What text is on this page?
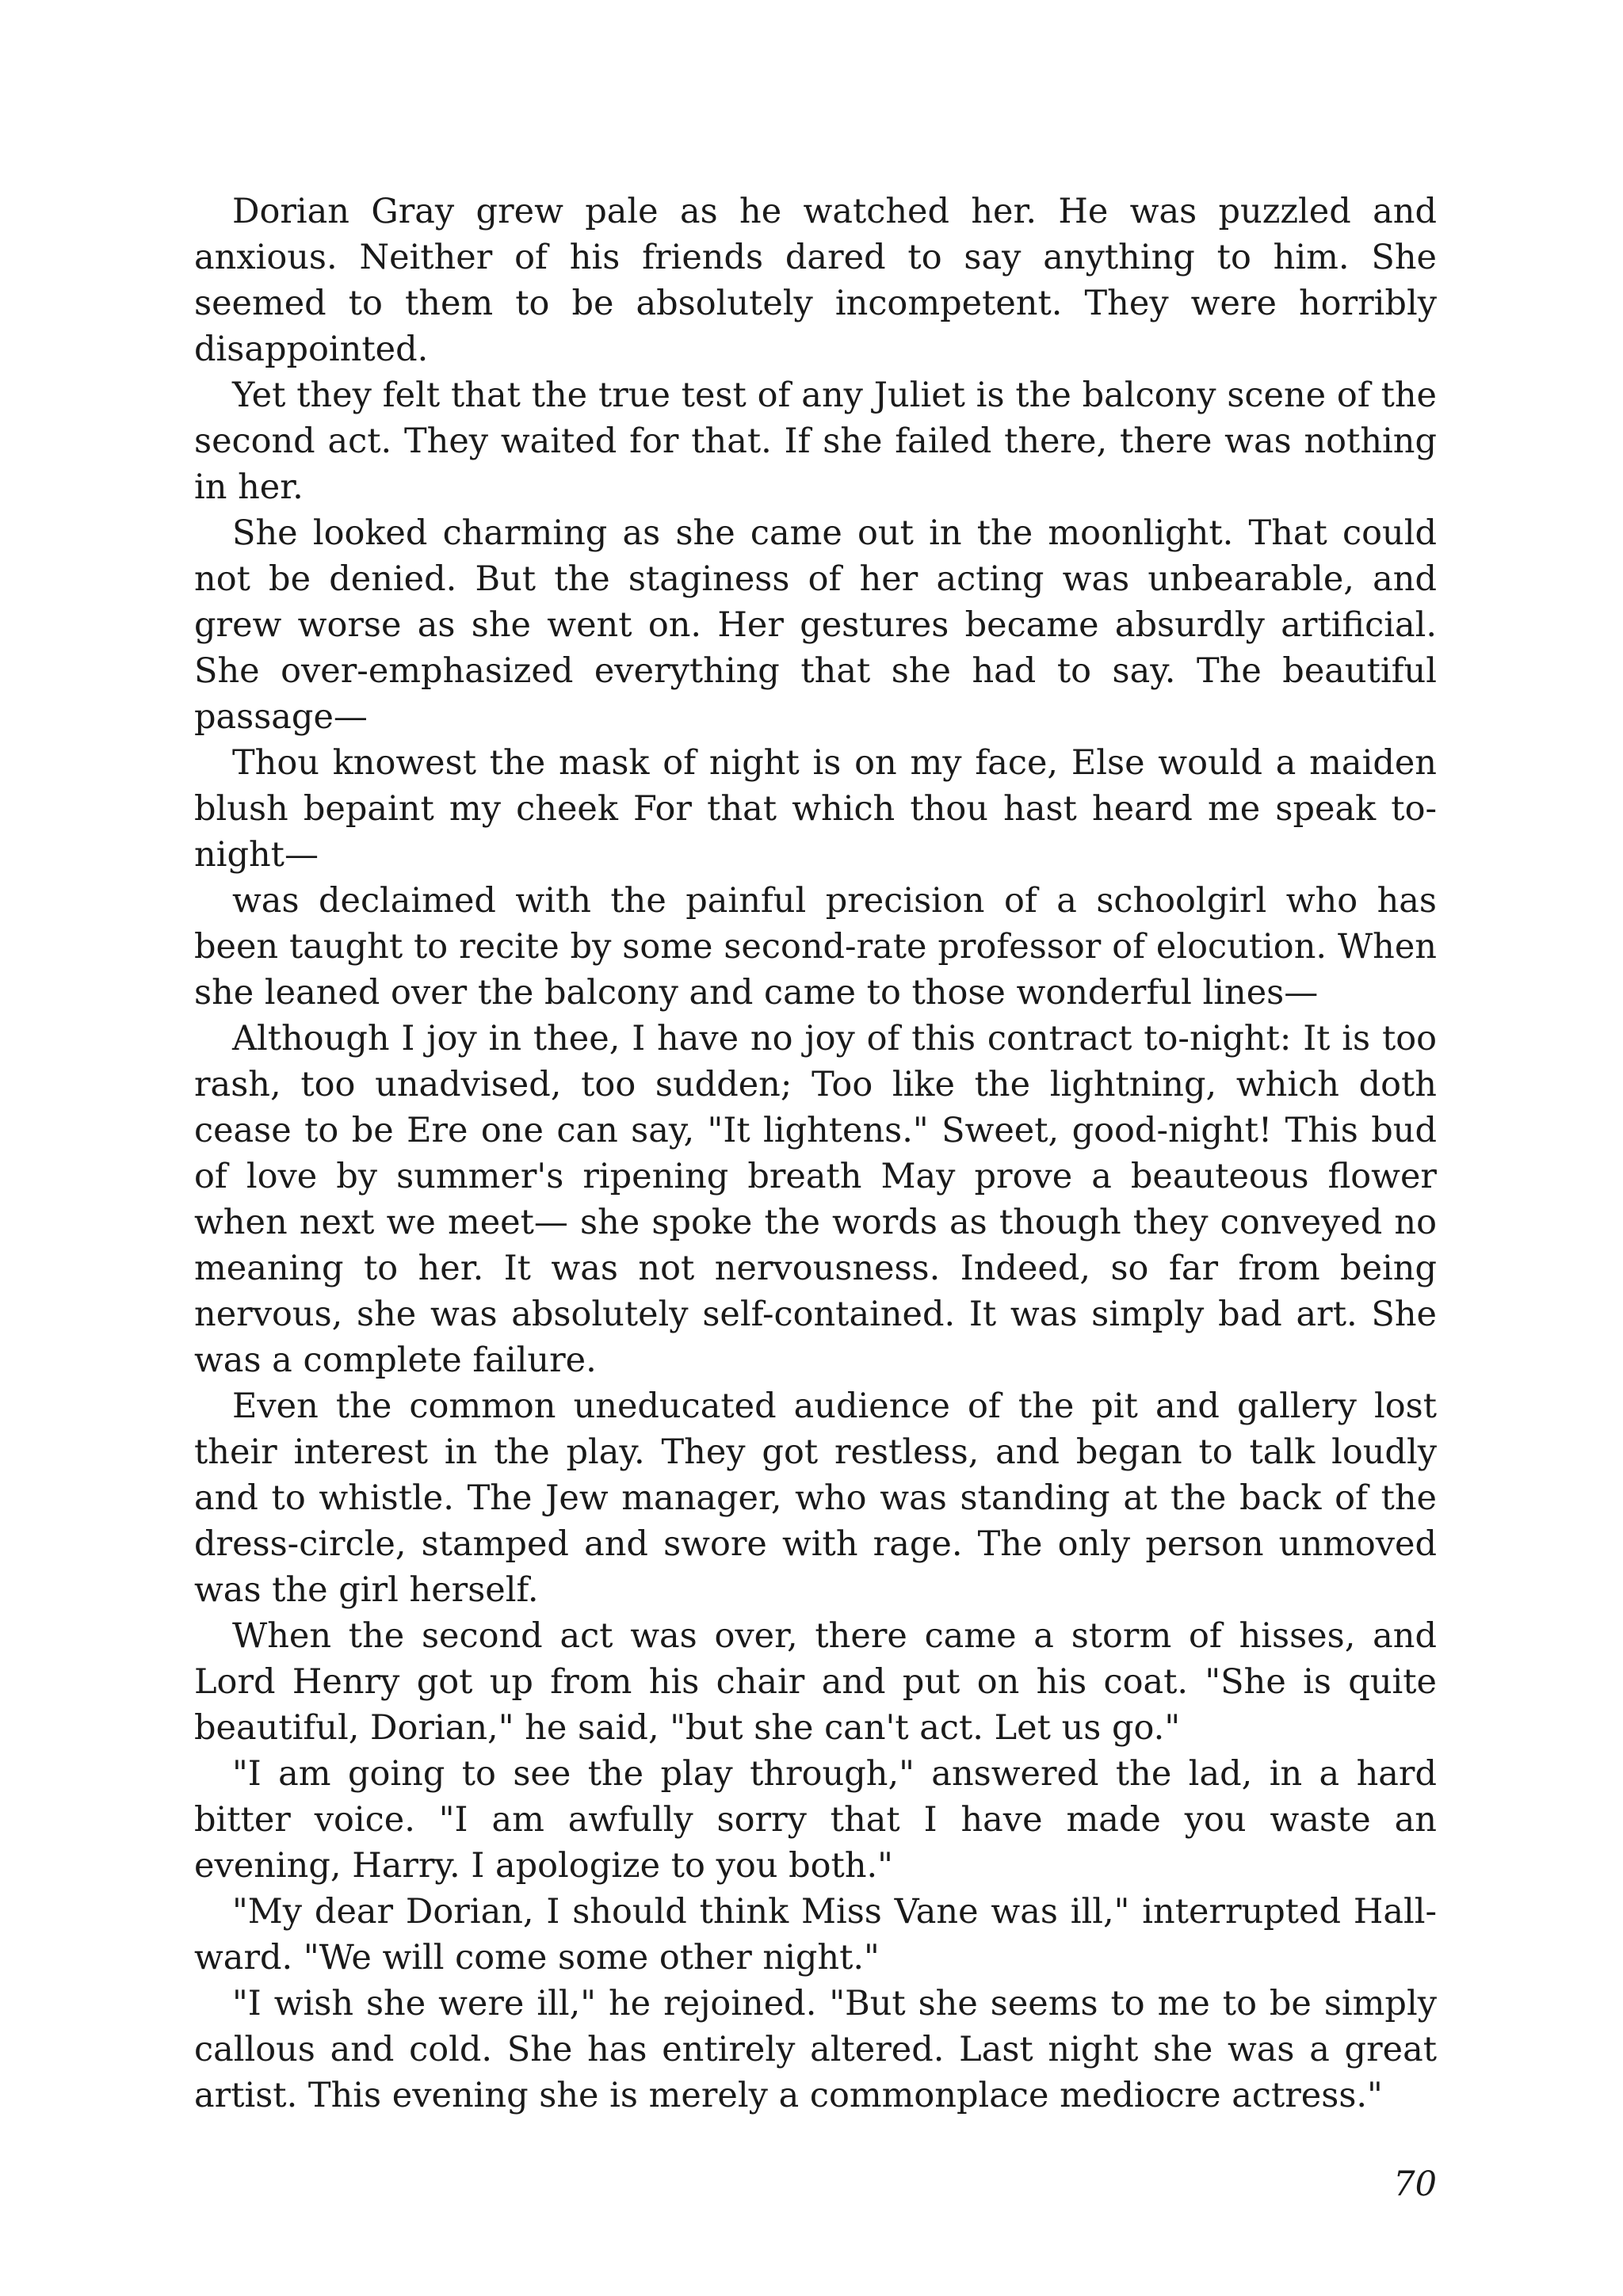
Dorian Gray grew pale as he watched her. He was puzzled and anxious. Neither of his friends dared to say anything to him. She seemed to them to be absolutely incompetent. They were horribly disappointed.

Yet they felt that the true test of any Juliet is the balcony scene of the second act. They waited for that. If she failed there, there was nothing in her.

She looked charming as she came out in the moonlight. That could not be denied. But the staginess of her acting was unbearable, and grew worse as she went on. Her gestures became absurdly artificial. She over-emphasized everything that she had to say. The beautiful passage—

Thou knowest the mask of night is on my face, Else would a maiden blush bepaint my cheek For that which thou hast heard me speak to-night—

was declaimed with the painful precision of a schoolgirl who has been taught to recite by some second-rate professor of elocution. When she leaned over the balcony and came to those wonderful lines—

Although I joy in thee, I have no joy of this contract to-night: It is too rash, too unadvised, too sudden; Too like the lightning, which doth cease to be Ere one can say, "It lightens." Sweet, good-night! This bud of love by summer's ripening breath May prove a beauteous flower when next we meet— she spoke the words as though they conveyed no meaning to her. It was not nervousness. Indeed, so far from being nervous, she was absolutely self-contained. It was simply bad art. She was a complete failure.

Even the common uneducated audience of the pit and gallery lost their interest in the play. They got restless, and began to talk loudly and to whistle. The Jew manager, who was standing at the back of the dress-circle, stamped and swore with rage. The only person unmoved was the girl herself.

When the second act was over, there came a storm of hisses, and Lord Henry got up from his chair and put on his coat. "She is quite beautiful, Dorian," he said, "but she can't act. Let us go."

"I am going to see the play through," answered the lad, in a hard bitter voice. "I am awfully sorry that I have made you waste an evening, Harry. I apologize to you both."

"My dear Dorian, I should think Miss Vane was ill," interrupted Hall-ward. "We will come some other night."

"I wish she were ill," he rejoined. "But she seems to me to be simply callous and cold. She has entirely altered. Last night she was a great artist. This evening she is merely a commonplace mediocre actress."

70
